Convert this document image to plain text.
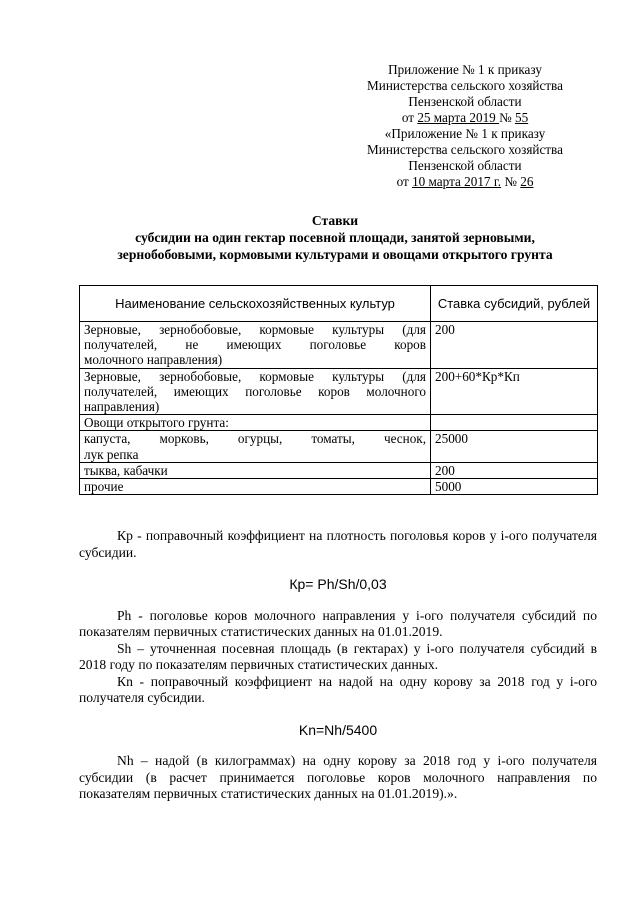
Приложение № 1 к приказу
Министерства сельского хозяйства
Пензенской области
от 25 марта 2019 № 55
«Приложение № 1 к приказу
Министерства сельского хозяйства
Пензенской области
от 10 марта 2017 г. № 26
Ставки
субсидии на один гектар посевной площади, занятой зерновыми,
зернобобовыми, кормовыми культурами и овощами открытого грунта
Наименование сельскохозяйственных культур	Ставка субсидий, рублей
Зерновые, зернобобовые, кормовые культуры (для получателей, не имеющих поголовье коров
молочного направления)	200
Зерновые, зернобобовые, кормовые культуры (для получателей, имеющих поголовье коров молочного
направления)	200+60*Кр*Кп
Овощи открытого грунта:	
капуста, морковь, огурцы, томаты, чеснок,
лук репка	25000
тыква, кабачки	200
прочие	5000

Кр - поправочный коэффициент на плотность поголовья коров у i-ого получателя субсидии.

Кр= Ph/Sh/0,03

Ph - поголовье коров молочного направления у i-ого получателя субсидий по показателям первичных статистических данных на 01.01.2019.

Sh – уточненная посевная площадь (в гектарах) у i-ого получателя субсидий в 2018 году по показателям первичных статистических данных.

Кn - поправочный коэффициент на надой на одну корову за 2018 год у i-ого получателя субсидии.

Kn=Nh/5400

Nh – надой (в килограммах) на одну корову за 2018 год у i-ого получателя субсидии (в расчет принимается поголовье коров молочного направления по показателям первичных статистических данных на 01.01.2019).».
